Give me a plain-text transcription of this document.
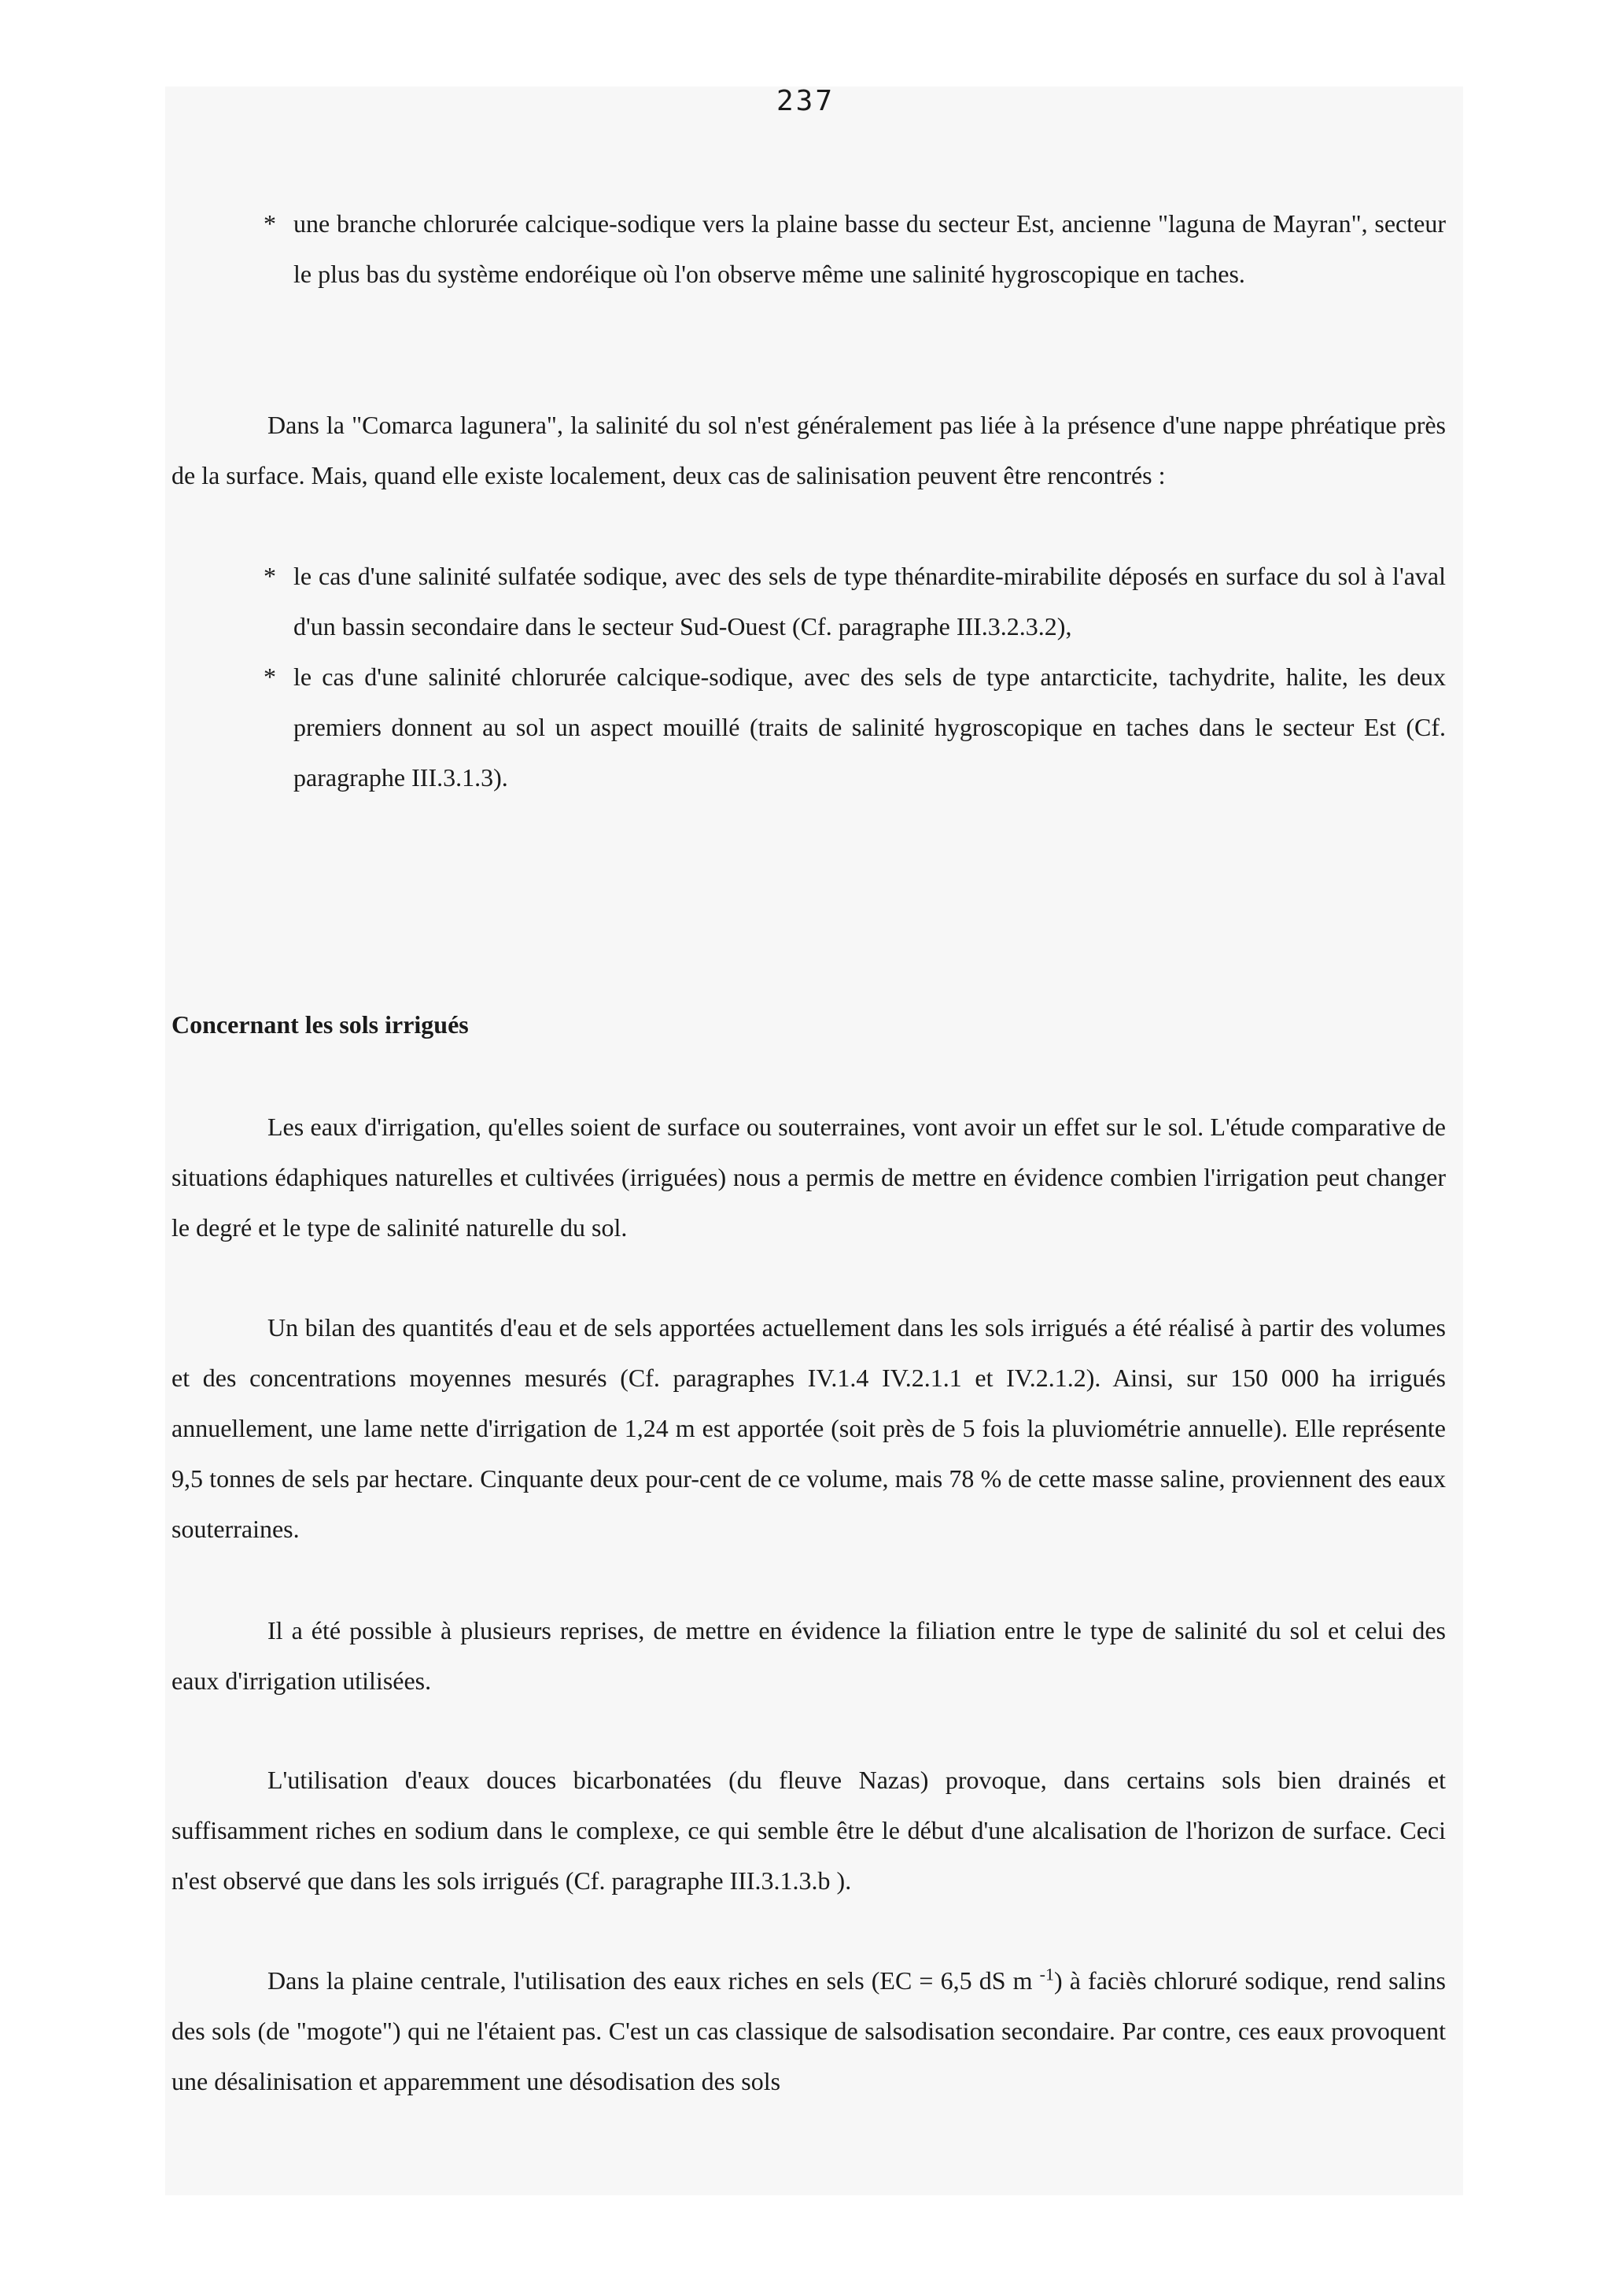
237
* une branche chlorurée calcique-sodique vers la plaine basse du secteur Est, ancienne "laguna de Mayran", secteur le plus bas du système endoréique où l'on observe même une salinité hygroscopique en taches.

Dans la "Comarca lagunera", la salinité du sol n'est généralement pas liée à la présence d'une nappe phréatique près de la surface. Mais, quand elle existe localement, deux cas de salinisation peuvent être rencontrés :

* le cas d'une salinité sulfatée sodique, avec des sels de type thénardite-mirabilite déposés en surface du sol à l'aval d'un bassin secondaire dans le secteur Sud-Ouest (Cf. paragraphe III.3.2.3.2),

* le cas d'une salinité chlorurée calcique-sodique, avec des sels de type antarcticite, tachydrite, halite, les deux premiers donnent au sol un aspect mouillé (traits de salinité hygroscopique en taches dans le secteur Est (Cf. paragraphe III.3.1.3).

Concernant les sols irrigués

Les eaux d'irrigation, qu'elles soient de surface ou souterraines, vont avoir un effet sur le sol. L'étude comparative de situations édaphiques naturelles et cultivées (irriguées) nous a permis de mettre en évidence combien l'irrigation peut changer le degré et le type de salinité naturelle du sol.

Un bilan des quantités d'eau et de sels apportées actuellement dans les sols irrigués a été réalisé à partir des volumes et des concentrations moyennes mesurés (Cf. paragraphes IV.1.4 IV.2.1.1 et IV.2.1.2). Ainsi, sur 150 000 ha irrigués annuellement, une lame nette d'irrigation de 1,24 m est apportée (soit près de 5 fois la pluviométrie annuelle). Elle représente 9,5 tonnes de sels par hectare. Cinquante deux pour-cent de ce volume, mais 78 % de cette masse saline, proviennent des eaux souterraines.

Il a été possible à plusieurs reprises, de mettre en évidence la filiation entre le type de salinité du sol et celui des eaux d'irrigation utilisées.

L'utilisation d'eaux douces bicarbonatées (du fleuve Nazas) provoque, dans certains sols bien drainés et suffisamment riches en sodium dans le complexe, ce qui semble être le début d'une alcalisation de l'horizon de surface. Ceci n'est observé que dans les sols irrigués (Cf. paragraphe III.3.1.3.b ).

Dans la plaine centrale, l'utilisation des eaux riches en sels (EC = 6,5 dS m $^{-1}$) à faciès chloruré sodique, rend salins des sols (de "mogote") qui ne l'étaient pas. C'est un cas classique de salsodisation secondaire. Par contre, ces eaux provoquent une désalinisation et apparemment une désodisation des sols
